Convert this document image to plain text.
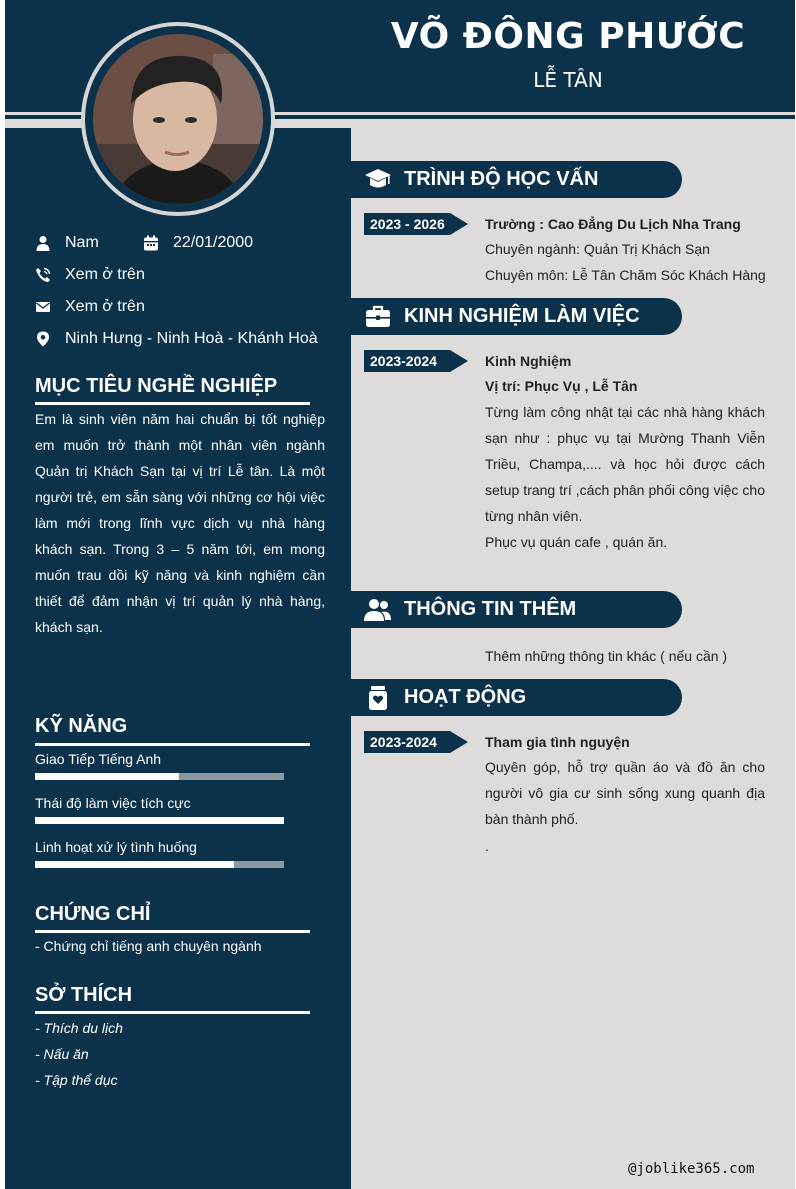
VÕ ĐÔNG PHƯỚC
LỄ TÂN
Nam	22/01/2000
Xem ở trên
Xem ở trên
Ninh Hưng - Ninh Hoà - Khánh Hoà
MỤC TIÊU NGHỀ NGHIỆP
Em là sinh viên năm hai chuẩn bị tốt nghiệp em muốn trở thành một nhân viên ngành Quản trị Khách Sạn tại vị trí Lễ tân. Là một người trẻ, em sẵn sàng với những cơ hội việc làm mới trong lĩnh vực dịch vụ nhà hàng khách sạn. Trong 3 – 5 năm tới, em mong muốn trau dồi kỹ năng và kinh nghiệm cần thiết để đảm nhận vị trí quản lý nhà hàng, khách sạn.
KỸ NĂNG
Giao Tiếp Tiếng Anh
Thái độ làm việc tích cực
Linh hoạt xử lý tình huống
CHỨNG CHỈ
- Chứng chỉ tiếng anh chuyên ngành
SỞ THÍCH
- Thích du lịch
- Nấu ăn
- Tập thể dục
TRÌNH ĐỘ HỌC VẤN
2023 - 2026	Trường : Cao Đẳng Du Lịch Nha Trang
Chuyên ngành: Quản Trị Khách Sạn
Chuyên môn: Lễ Tân Chăm Sóc Khách Hàng
KINH NGHIỆM LÀM VIỆC
2023-2024	Kinh Nghiệm
Vị trí: Phục Vụ , Lễ Tân
Từng làm công nhật tại các nhà hàng khách sạn như : phục vụ tại Mường Thanh Viễn Triều, Champa,.... và học hỏi được cách setup trang trí ,cách phân phối công việc cho từng nhân viên.
Phục vụ quán cafe , quán ăn.
THÔNG TIN THÊM
Thêm những thông tin khác ( nếu cần )
HOẠT ĐỘNG
2023-2024	Tham gia tình nguyện
Quyên góp, hỗ trợ quần áo và đồ ăn cho người vô gia cư sinh sống xung quanh địa bàn thành phố.
.
@joblike365.com
